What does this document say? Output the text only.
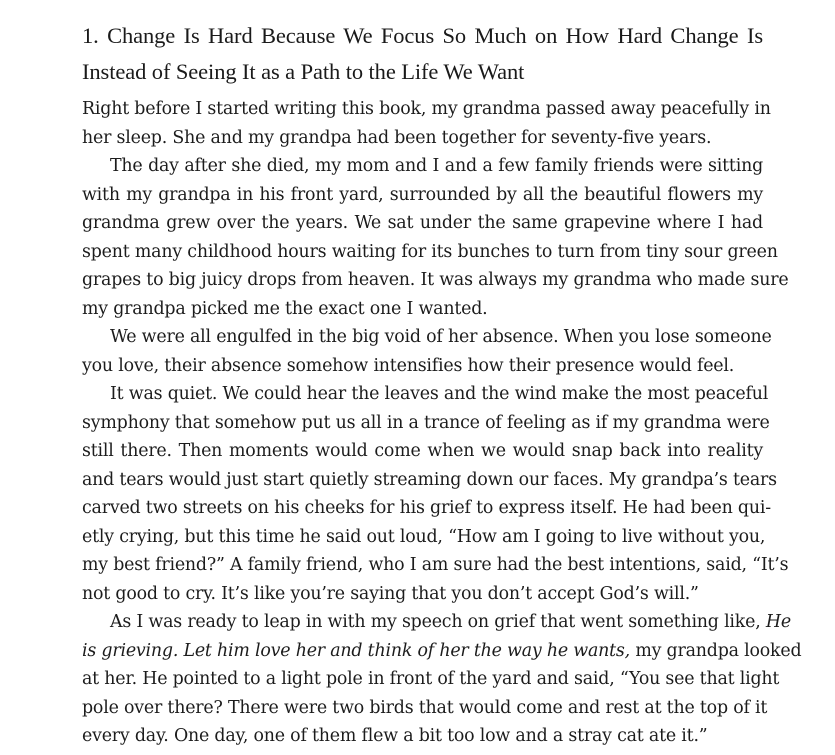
1. Change Is Hard Because We Focus So Much on How Hard Change Is
Instead of Seeing It as a Path to the Life We Want

Right before I started writing this book, my grandma passed away peacefully in
her sleep. She and my grandpa had been together for seventy-five years.

The day after she died, my mom and I and a few family friends were sitting
with my grandpa in his front yard, surrounded by all the beautiful flowers my
grandma grew over the years. We sat under the same grapevine where I had
spent many childhood hours waiting for its bunches to turn from tiny sour green
grapes to big juicy drops from heaven. It was always my grandma who made sure
my grandpa picked me the exact one I wanted.

We were all engulfed in the big void of her absence. When you lose someone
you love, their absence somehow intensifies how their presence would feel.

It was quiet. We could hear the leaves and the wind make the most peaceful
symphony that somehow put us all in a trance of feeling as if my grandma were
still there. Then moments would come when we would snap back into reality
and tears would just start quietly streaming down our faces. My grandpa’s tears
carved two streets on his cheeks for his grief to express itself. He had been qui-
etly crying, but this time he said out loud, “How am I going to live without you,
my best friend?” A family friend, who I am sure had the best intentions, said, “It’s
not good to cry. It’s like you’re saying that you don’t accept God’s will.”

As I was ready to leap in with my speech on grief that went something like, He
is grieving. Let him love her and think of her the way he wants, my grandpa looked
at her. He pointed to a light pole in front of the yard and said, “You see that light
pole over there? There were two birds that would come and rest at the top of it
every day. One day, one of them flew a bit too low and a stray cat ate it.”
